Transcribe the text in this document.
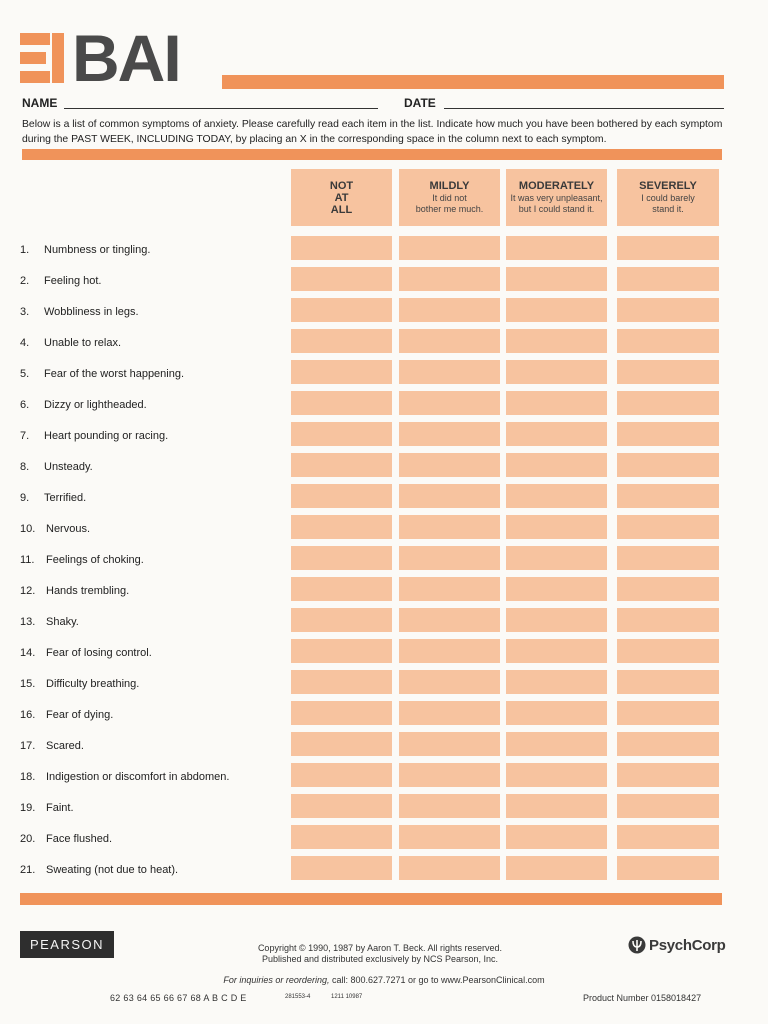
BAI
NAME	DATE
Below is a list of common symptoms of anxiety. Please carefully read each item in the list. Indicate how much you have been bothered by each symptom during the PAST WEEK, INCLUDING TODAY, by placing an X in the corresponding space in the column next to each symptom.
NOT
AT
ALL
MILDLY
It did not
bother me much.
MODERATELY
It was very unpleasant,
but I could stand it.
SEVERELY
I could barely
stand it.
1. Numbness or tingling.
2. Feeling hot.
3. Wobbliness in legs.
4. Unable to relax.
5. Fear of the worst happening.
6. Dizzy or lightheaded.
7. Heart pounding or racing.
8. Unsteady.
9. Terrified.
10. Nervous.
11. Feelings of choking.
12. Hands trembling.
13. Shaky.
14. Fear of losing control.
15. Difficulty breathing.
16. Fear of dying.
17. Scared.
18. Indigestion or discomfort in abdomen.
19. Faint.
20. Face flushed.
21. Sweating (not due to heat).
PEARSON	Copyright © 1990, 1987 by Aaron T. Beck. All rights reserved.
Published and distributed exclusively by NCS Pearson, Inc.
PsychCorp
For inquiries or reordering, call: 800.627.7271 or go to www.PearsonClinical.com
62 63 64 65 66 67 68 A B C D E	281553-4	1211 10987	Product Number 0158018427
